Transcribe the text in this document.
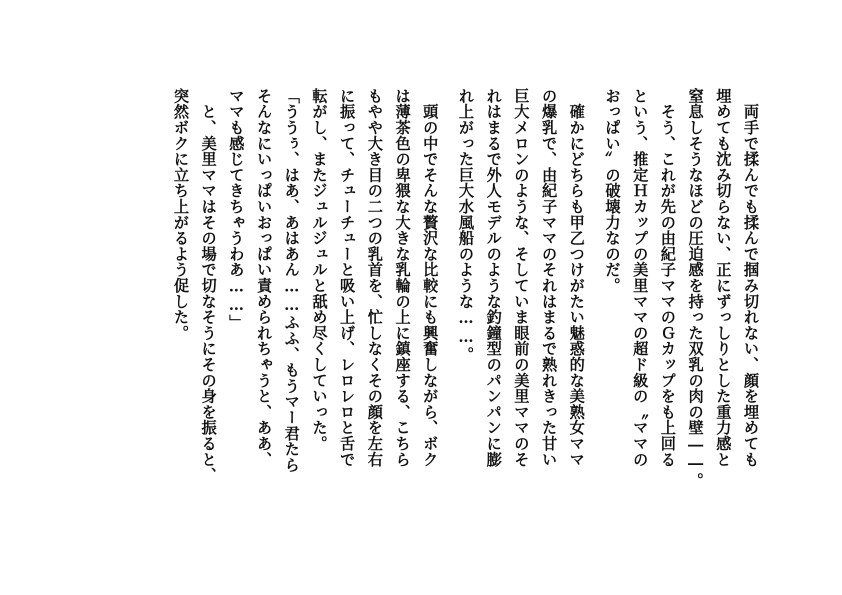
　両手で揉んでも揉んで掴み切れない、顔を埋めても
埋めても沈み切らない、正にずっしりとした重力感と
窒息しそうなほどの圧迫感を持った双乳の肉の壁――。
　そう、これが先の由紀子ママのＧカップをも上回る
という、推定Ｈカップの美里ママの超ド級の〝ママの
おっぱい〟の破壊力なのだ。
　確かにどちらも甲乙つけがたい魅惑的な美熟女ママ
の爆乳で、由紀子ママのそれはまるで熟れきった甘い
巨大メロンのような、そしていま眼前の美里ママのそ
れはまるで外人モデルのような釣鐘型のパンパンに膨
れ上がった巨大水風船のような……。
　頭の中でそんな贅沢な比較にも興奮しながら、ボク
は薄茶色の卑猥な大きな乳輪の上に鎮座する、こちら
もやや大き目の二つの乳首を、忙しなくその顔を左右
に振って、チューチューと吸い上げ、レロレロと舌で
転がし、またジュルジュルと舐め尽くしていった。
「ううぅ、はあ、あはあん……ふふ、もうマー君たら
そんなにいっぱいおっぱい責められちゃうと、ああ、
ママも感じてきちゃうわあ……」
　と、美里ママはその場で切なそうにその身を振ると、
突然ボクに立ち上がるよう促した。
